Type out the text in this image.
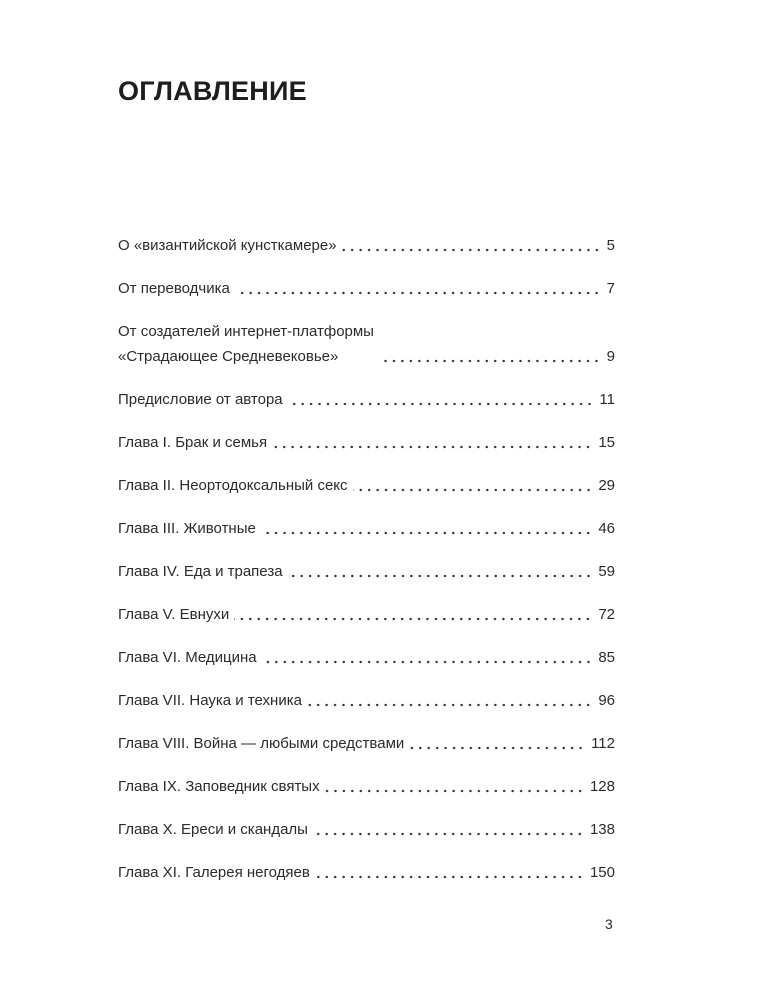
ОГЛАВЛЕНИЕ
О «византийской кунсткамере»	5
От переводчика	7
От создателей интернет-платформы
«Страдающее Средневековье»	9
Предисловие от автора	11
Глава I. Брак и семья	15
Глава II. Неортодоксальный секс	29
Глава III. Животные	46
Глава IV. Еда и трапеза	59
Глава V. Евнухи	72
Глава VI. Медицина	85
Глава VII. Наука и техника	96
Глава VIII. Война — любыми средствами	112
Глава IX. Заповедник святых	128
Глава X. Ереси и скандалы	138
Глава XI. Галерея негодяев	150
3
